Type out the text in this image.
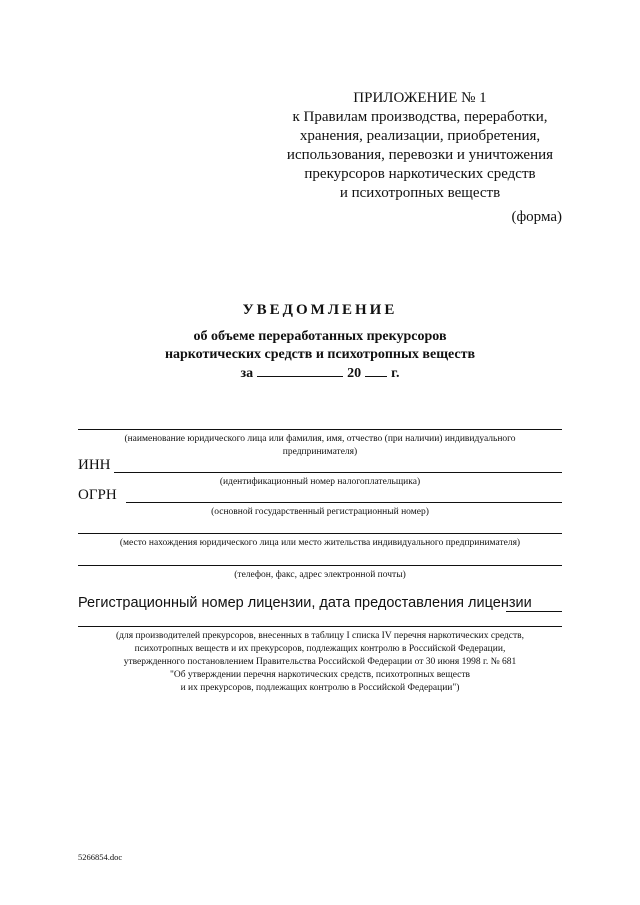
ПРИЛОЖЕНИЕ № 1
к Правилам производства, переработки,
хранения, реализации, приобретения,
использования, перевозки и уничтожения
прекурсоров наркотических средств
и психотропных веществ
(форма)
УВЕДОМЛЕНИЕ
об объеме переработанных прекурсоров
наркотических средств и психотропных веществ
за	20 г.
(наименование юридического лица или фамилия, имя, отчество (при наличии) индивидуального
предпринимателя)
ИНН
(идентификационный номер налогоплательщика)
ОГРН
(основной государственный регистрационный номер)
(место нахождения юридического лица или место жительства индивидуального предпринимателя)
(телефон, факс, адрес электронной почты)
Регистрационный номер лицензии, дата предоставления лицензии
(для производителей прекурсоров, внесенных в таблицу I списка IV перечня наркотических средств,
психотропных веществ и их прекурсоров, подлежащих контролю в Российской Федерации,
утвержденного постановлением Правительства Российской Федерации от 30 июня 1998 г. № 681
"Об утверждении перечня наркотических средств, психотропных веществ
и их прекурсоров, подлежащих контролю в Российской Федерации")
5266854.doc
